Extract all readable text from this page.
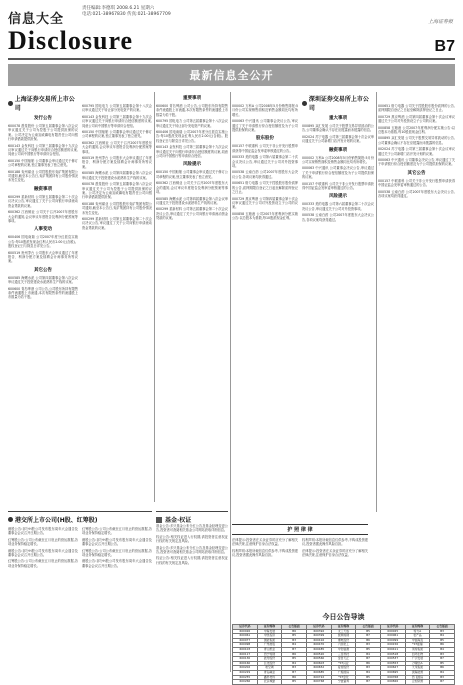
信息大全
Disclosure
责任编辑:李德琪 2008.6.21 星期六
电话:021-38967830 传真:021-38967709
上海证券报
B7
最新信息全公开
上海证券交易所上市公司
发行公告

600078 澄星股份 公司第五届董事会第八次会议审议通过关于公司为控股子公司提供担保的议案。公司决定为云南宣威磷电有限责任公司向银行申请借款提供担保。

600143 金发科技 公司第三届董事会第十九次会议审议通过关于向银行申请综合授信额度的议案,同意公司向中国银行等申请综合授信。

600150 中国船舶 公司董事会审议通过关于修订公司章程的议案,独立董事发表了独立意见。

600188 兖州煤业 公司控股股东兖矿集团有限公司通知,截至本公告日,兖矿集团持有公司股份情况未发生变化。

融资事项

600299 星新材料 公司第五届董事会第二十次会议决议公告,审议通过了关于公司向银行申请流动资金贷款的议案。

600362 江西铜业 公司关于召开2007年度股东大会的通知,会议审议年度报告及利润分配预案等事项。

人事变动

600406 国电南瑞 公司2007年度分红派息实施公告:每10股派发现金红利人民币2.00元(含税)。股权登记日与除息日详见公告。

600519 贵州茅台 公司股东大会审议通过了年度报告、利润分配方案及续聘会计师事务所等议案。

其它公告

600585 海螺水泥 公司第四届董事会第八次会议审议通过关于投资建设水泥熟料生产线的议案。

600600 青岛啤酒 公司公告,公司股东所持有限售条件流通股上市流通,本次有限售条件的流通股上市数量为若干股。

600795 国电电力 公司第五届董事会第十八次会议审议通过关于转让部分发电资产的议案。

600143 金发科技 公司第三届董事会第十九次会议审议通过关于向银行申请综合授信额度的议案,同意公司向中国银行等申请综合授信。

600150 中国船舶 公司董事会审议通过关于修订公司章程的议案,独立董事发表了独立意见。

600362 江西铜业 公司关于召开2007年度股东大会的通知,会议审议年度报告及利润分配预案等事项。

600519 贵州茅台 公司股东大会审议通过了年度报告、利润分配方案及续聘会计师事务所等议案。

600585 海螺水泥 公司第四届董事会第八次会议审议通过关于投资建设水泥熟料生产线的议案。

600078 澄星股份 公司第五届董事会第八次会议审议通过关于公司为控股子公司提供担保的议案。公司决定为云南宣威磷电有限责任公司向银行申请借款提供担保。

600188 兖州煤业 公司控股股东兖矿集团有限公司通知,截至本公告日,兖矿集团持有公司股份情况未发生变化。

600299 星新材料 公司第五届董事会第二十次会议决议公告,审议通过了关于公司向银行申请流动资金贷款的议案。

重要事项

600600 青岛啤酒 公司公告,公司股东所持有限售条件流通股上市流通,本次有限售条件的流通股上市数量为若干股。

600795 国电电力 公司第五届董事会第十八次会议审议通过关于转让部分发电资产的议案。

600406 国电南瑞 公司2007年度分红派息实施公告:每10股派发现金红利人民币2.00元(含税)。股权登记日与除息日详见公告。

600143 金发科技 公司第三届董事会第十九次会议审议通过关于向银行申请综合授信额度的议案,同意公司向中国银行等申请综合授信。

风险提示

600150 中国船舶 公司董事会审议通过关于修订公司章程的议案,独立董事发表了独立意见。

600362 江西铜业 公司关于召开2007年度股东大会的通知,会议审议年度报告及利润分配预案等事项。

600585 海螺水泥 公司第四届董事会第八次会议审议通过关于投资建设水泥熟料生产线的议案。

600299 星新材料 公司第五届董事会第二十次会议决议公告,审议通过了关于公司向银行申请流动资金贷款的议案。

000002 万科A 公司2008年5月份销售简报:5月份公司实现销售面积及销售金额同比均有所增长。

000063 中兴通讯 公司董事会决议公告,审议通过了关于申请银行综合授信额度及为子公司提供担保的议案。

股东股份

000157 中联重科 公司关于非公开发行股票申请获得中国证监会发审委审核通过的公告。

000333 美的电器 公司第六届董事会第二十次会议决议公告,审议通过关于公司对外投资事项。

000538 云南白药 公司2007年度股东大会决议公告,各项议案均获得通过。

000651 格力电器 公司关于控股股东股份质押的公告,质押期限自登记之日起至解除质押登记之日止。

000729 燕京啤酒 公司第四届董事会第十次会议审议通过关于公司对外投资设立子公司的议案。

000858 五粮液 公司2007年度利润分配实施公告:以总股本为基数,每10股派现金红利。

深圳证券交易所上市公司
重大事项

000895 双汇发展 公司关于股票交易异常波动的公告,公司董事会确认不存在应披露而未披露的信息。

002024 苏宁电器 公司第三届董事会第十次会议审议通过关于公司新增门店开发计划的议案。

融资事项

000002 万科A 公司2008年5月份销售简报:5月份公司实现销售面积及销售金额同比均有所增长。

000063 中兴通讯 公司董事会决议公告,审议通过了关于申请银行综合授信额度及为子公司提供担保的议案。

000157 中联重科 公司关于非公开发行股票申请获得中国证监会发审委审核通过的公告。

风险提示

000333 美的电器 公司第六届董事会第二十次会议决议公告,审议通过关于公司对外投资事项。

000538 云南白药 公司2007年度股东大会决议公告,各项议案均获得通过。

000651 格力电器 公司关于控股股东股份质押的公告,质押期限自登记之日起至解除质押登记之日止。

000729 燕京啤酒 公司第四届董事会第十次会议审议通过关于公司对外投资设立子公司的议案。

000858 五粮液 公司2007年度利润分配实施公告:以总股本为基数,每10股派现金红利。

000895 双汇发展 公司关于股票交易异常波动的公告,公司董事会确认不存在应披露而未披露的信息。

002024 苏宁电器 公司第三届董事会第十次会议审议通过关于公司新增门店开发计划的议案。

000063 中兴通讯 公司董事会决议公告,审议通过了关于申请银行综合授信额度及为子公司提供担保的议案。

其它公告

000157 中联重科 公司关于非公开发行股票申请获得中国证监会发审委审核通过的公告。

000538 云南白药 公司2007年度股东大会决议公告,各项议案均获得通过。

港交所上市公司(H股、红筹股)

港股公告:部分H股公司发布股东周年大会通告及董事会会议召开日期公告。

红筹股公告:公司公布截至五月底止的营运数据,各项业务保持稳定增长。

港股公告:部分H股公司发布股东周年大会通告及董事会会议召开日期公告。

红筹股公告:公司公布截至五月底止的营运数据,各项业务保持稳定增长。

红筹股公告:公司公布截至五月底止的营运数据,各项业务保持稳定增长。

港股公告:部分H股公司发布股东周年大会通告及董事会会议召开日期公告。

红筹股公告:公司公布截至五月底止的营运数据,各项业务保持稳定增长。

港股公告:部分H股公司发布股东周年大会通告及董事会会议召开日期公告。

基金·权证

基金公告:多只基金公布分红公告及基金经理变更公告,投资者可查阅相关基金公司网站获取详细信息。

权证公告:相关权证进入行权期,请投资者注意权证行权的有关规定及风险。

基金公告:多只基金公布分红公告及基金经理变更公告,投资者可查阅相关基金公司网站获取详细信息。

权证公告:相关权证进入行权期,请投资者注意权证行权的有关规定及风险。

护 照 律 律

法律提示:投资者在买卖证券时应充分了解相关法律法规,注意保护自身合法权益。

权利声明:本报所载信息仅供参考,不构成投资建议,投资者据此操作风险自担。

权利声明:本报所载信息仅供参考,不构成投资建议,投资者据此操作风险自担。

法律提示:投资者在买卖证券时应充分了解相关法律法规,注意保护自身合法权益。

今日公告导读
证券代码	证券简称	公告版面	证券代码	证券简称	公告版面	证券代码	证券简称	公告版面
600026	中海发展	B6	600392	太工天成	B5	000025	特力A	B3
600061	中纺投资	B5	600399	抚顺特钢	B7	000061	农产品	B4
600077	国能集团	B3	600416	湘电股份	B6	000099	中信海直	B5
600098	广州控股	B4	600470	六国化工	B3	000156	*ST嘉瑞	B6
600103	青山纸业	B7	600485	中创信测	B5	000411	英特集团	B4
600117	西宁特钢	B6	600520	三佳科技	B4	000518	四环生物	B3
600130	波导股份	B5	600560	金自天正	B7	000537	广宇发展	B7
600160	巨化股份	B4	600603	*ST兴业	B6	000553	沙隆达A	B5
600202	哈空调	B3	600652	爱使股份	B3	000627	天茂集团	B6
600229	青岛碱业	B7	600685	广船国际	B4	000695	滨海能源	B4
600255	鑫科材料	B6	600722	*ST金化	B5	000768	西飞国际	B3
600266	北京城建	B5	600768	宁波富邦	B7	000826	合加资源	B7
